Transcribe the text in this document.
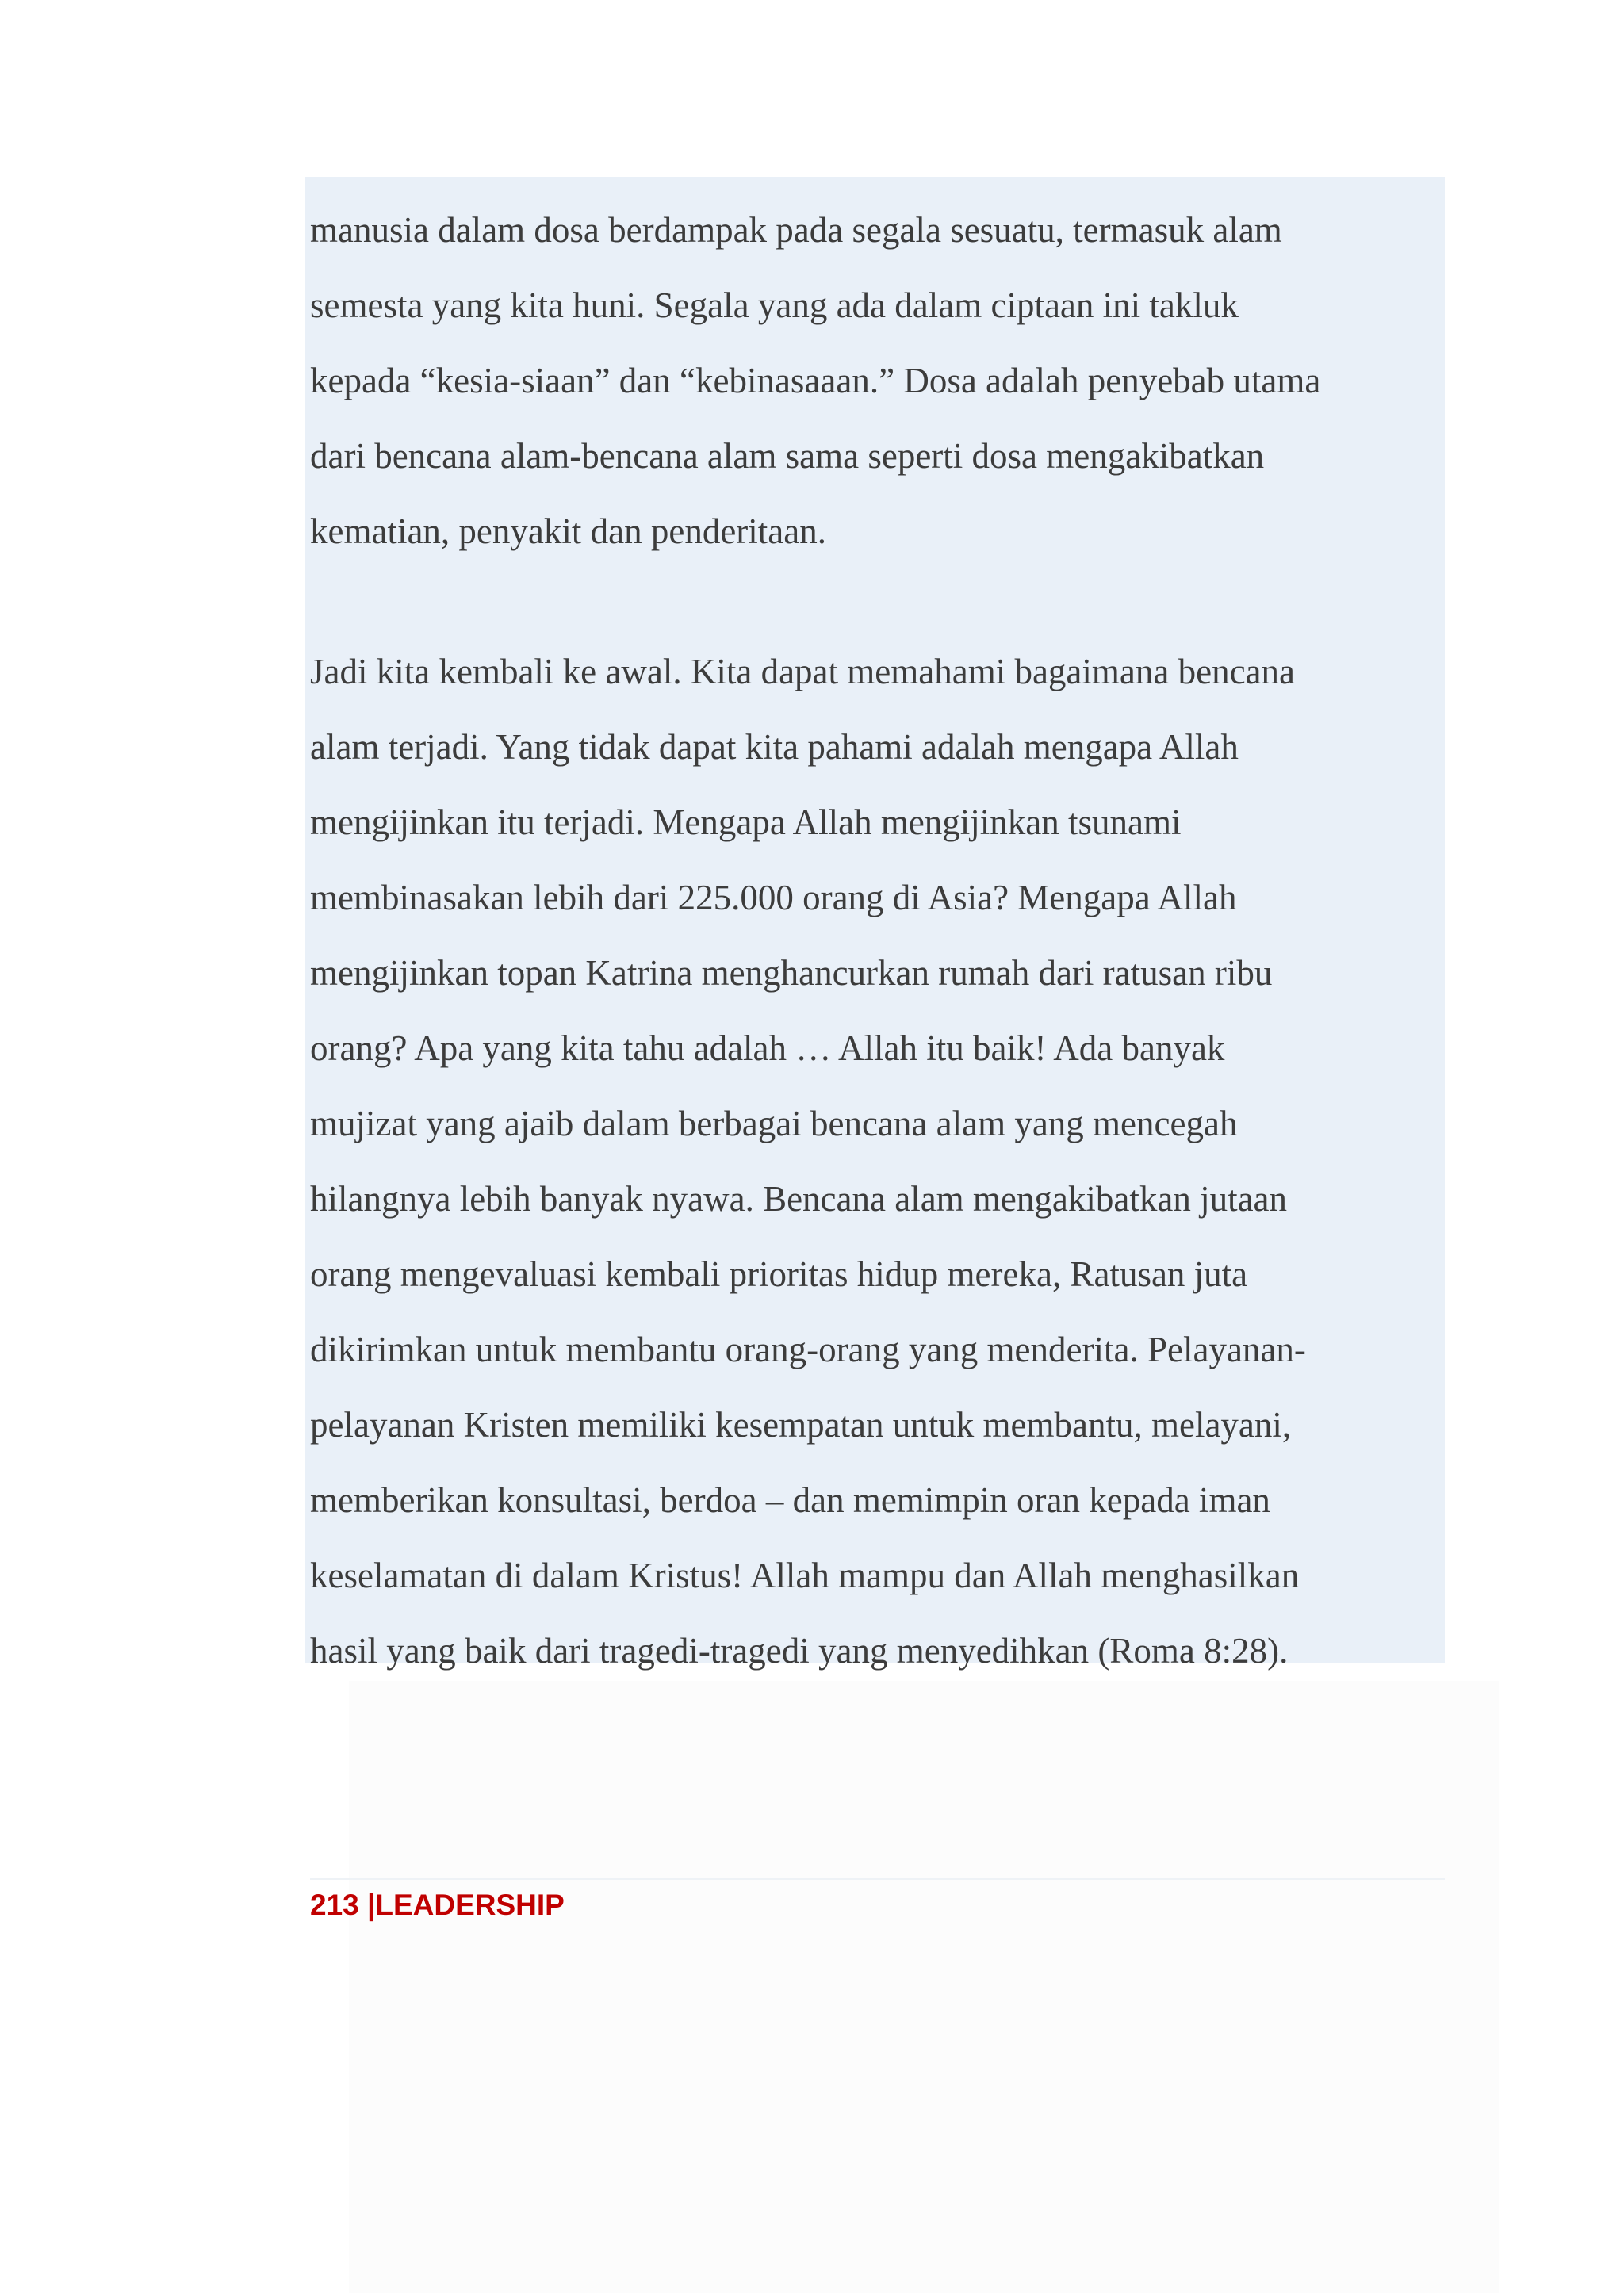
manusia dalam dosa berdampak pada segala sesuatu, termasuk alam
semesta yang kita huni. Segala yang ada dalam ciptaan ini takluk
kepada “kesia-siaan” dan “kebinasaaan.” Dosa adalah penyebab utama
dari bencana alam-bencana alam sama seperti dosa mengakibatkan
kematian, penyakit dan penderitaan.
Jadi kita kembali ke awal. Kita dapat memahami bagaimana bencana
alam terjadi. Yang tidak dapat kita pahami adalah mengapa Allah
mengijinkan itu terjadi. Mengapa Allah mengijinkan tsunami
membinasakan lebih dari 225.000 orang di Asia? Mengapa Allah
mengijinkan topan Katrina menghancurkan rumah dari ratusan ribu
orang? Apa yang kita tahu adalah … Allah itu baik! Ada banyak
mujizat yang ajaib dalam berbagai bencana alam yang mencegah
hilangnya lebih banyak nyawa. Bencana alam mengakibatkan jutaan
orang mengevaluasi kembali prioritas hidup mereka, Ratusan juta
dikirimkan untuk membantu orang-orang yang menderita. Pelayanan-
pelayanan Kristen memiliki kesempatan untuk membantu, melayani,
memberikan konsultasi, berdoa – dan memimpin oran kepada iman
keselamatan di dalam Kristus! Allah mampu dan Allah menghasilkan
hasil yang baik dari tragedi-tragedi yang menyedihkan (Roma 8:28).
213 |LEADERSHIP
